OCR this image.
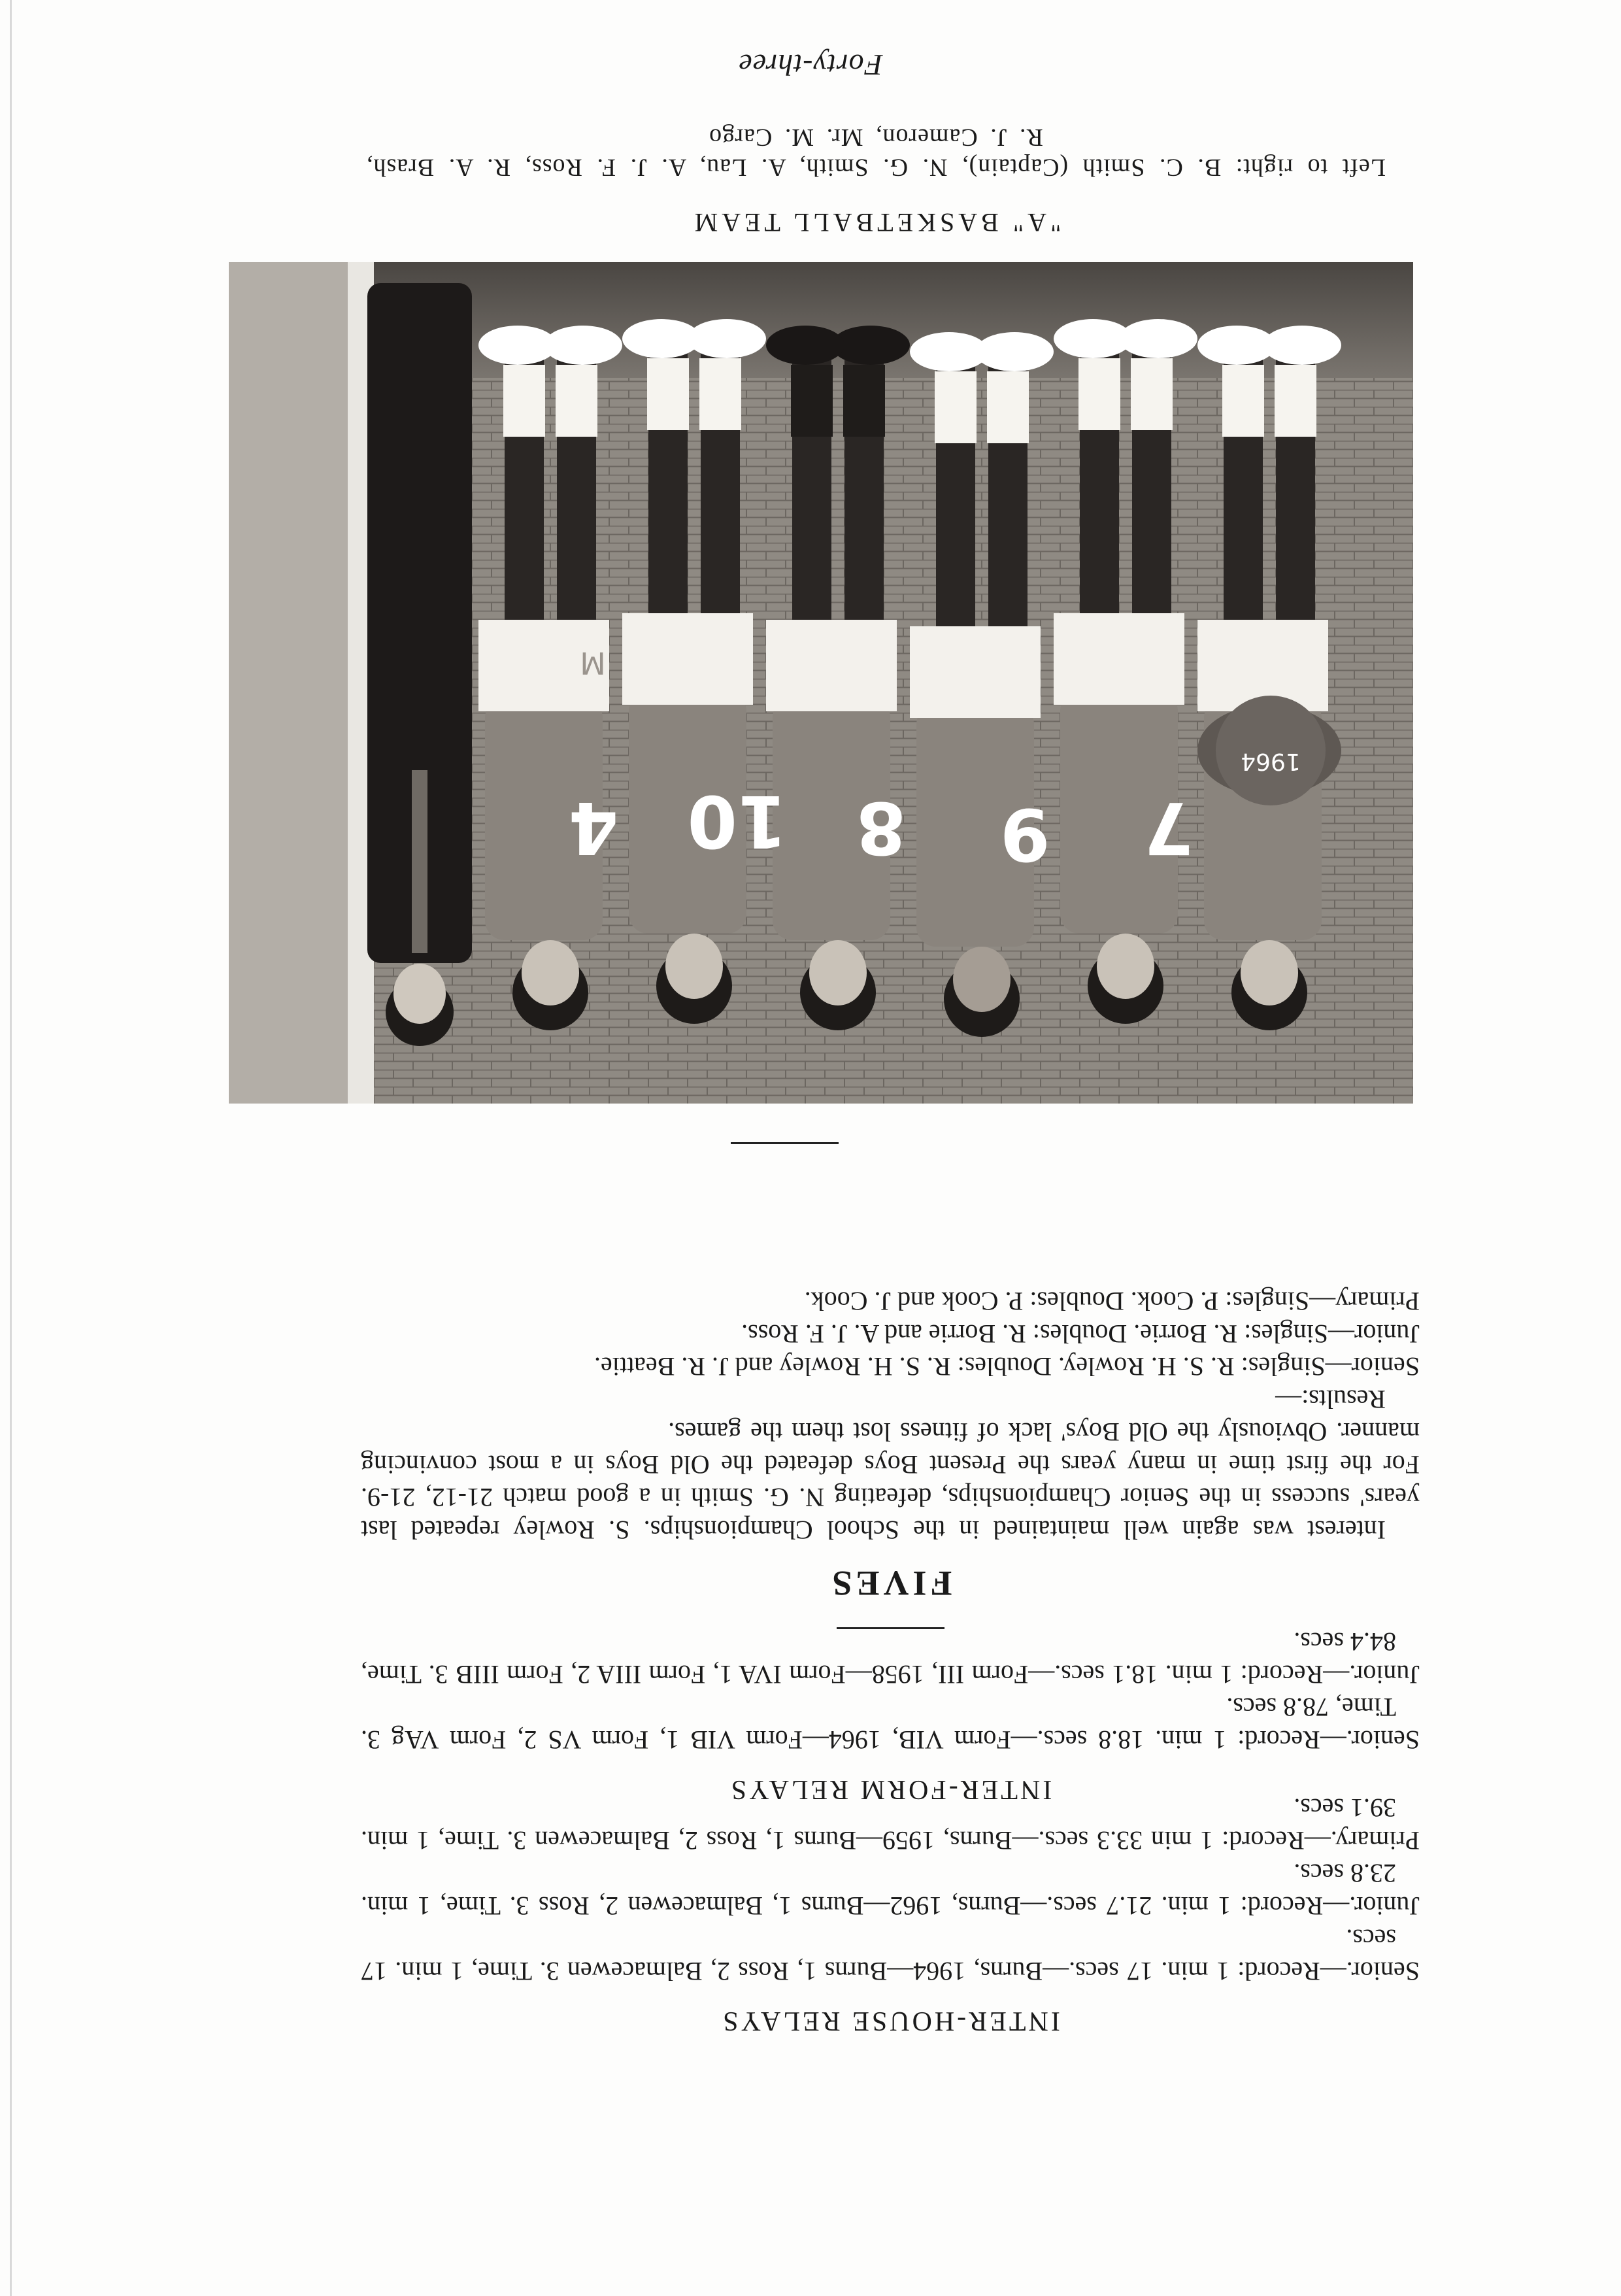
INTER-HOUSE RELAYS

Senior.—Record: 1 min. 17 secs.—Burns, 1964—Burns 1, Ross 2, Balmacewen 3. Time, 1 min. 17 secs.

Junior.—Record: 1 min. 21.7 secs.—Burns, 1962—Burns 1, Balmacewen 2, Ross 3. Time, 1 min. 23.8 secs.

Primary.—Record: 1 min 33.3 secs.—Burns, 1959—Burns 1, Ross 2, Balmacewen 3. Time, 1 min. 39.1 secs.

INTER-FORM RELAYS

Senior.—Record: 1 min. 18.8 secs.—Form VIB, 1964—Form VIB 1, Form VS 2, Form VAg 3. Time, 78.8 secs.

Junior.—Record: 1 min. 18.1 secs.—Form III, 1958—Form IVA 1, Form IIIA 2, Form IIIB 3. Time, 84.4 secs.

FIVES

Interest was again well maintained in the School Championships. S. Rowley repeated last years' success in the Senior Championships, defeating N. G. Smith in a good match 21-12, 21-9. For the first time in many years the Present Boys defeated the Old Boys in a most convincing manner. Obviously the Old Boys' lack of fitness lost them the games.

Results:—

Senior—Singles: R. S. H. Rowley. Doubles: R. S. H. Rowley and J. R. Beattie.

Junior—Singles: R. Borrie. Doubles: R. Borrie and A. J. F. Ross.

Primary—Singles: P. Cook. Doubles: P. Cook and J. Cook.

7
9
8
10
4
1964
M
"A" BASKETBALL TEAM
Left to right: B. C. Smith (Captain), N. G. Smith, A. Lau, A. J. F. Ross, R. A. Brash, R. J. Cameron, Mr. M. Cargo
Forty-three
